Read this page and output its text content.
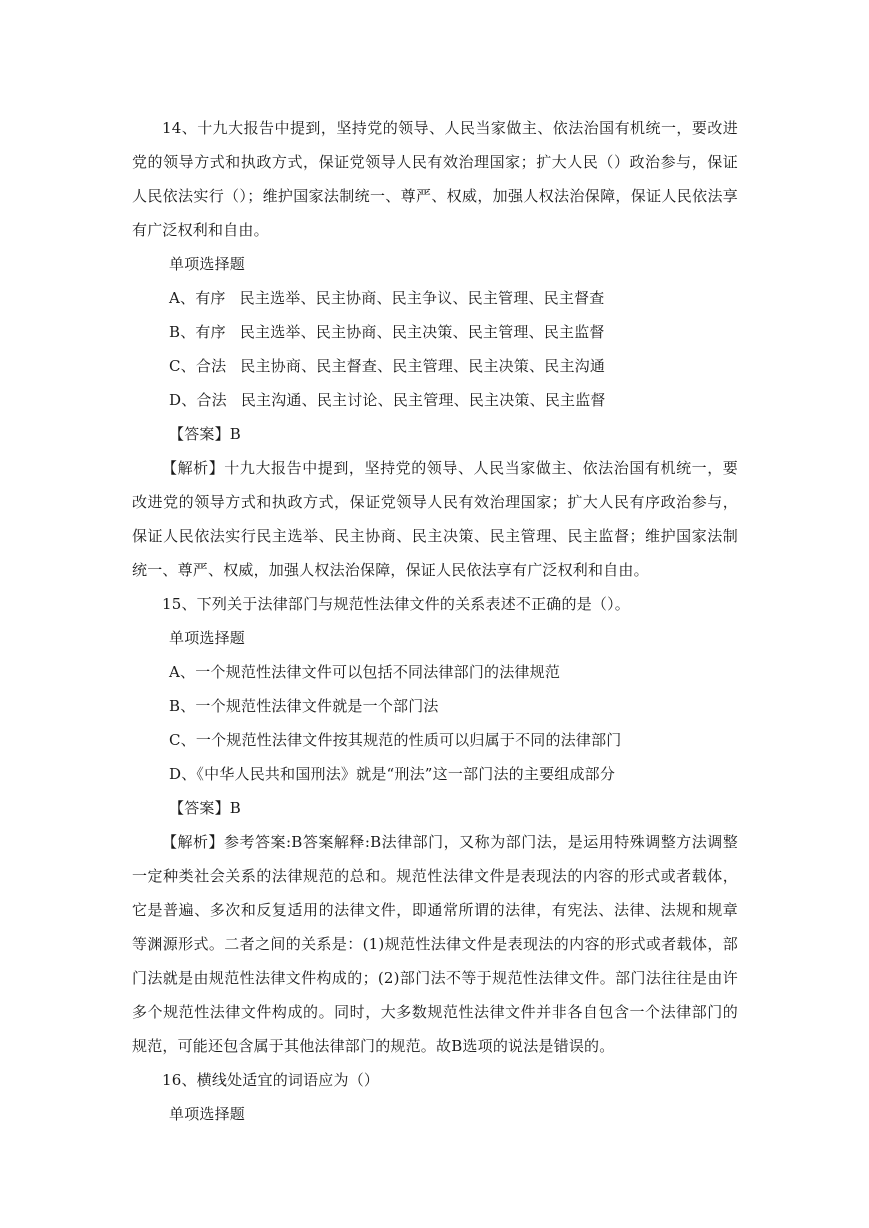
14、十九大报告中提到，坚持党的领导、人民当家做主、依法治国有机统一，要改进党的领导方式和执政方式，保证党领导人民有效治理国家；扩大人民（）政治参与，保证人民依法实行（）；维护国家法制统一、尊严、权威，加强人权法治保障，保证人民依法享有广泛权利和自由。

单项选择题

A、有序 民主选举、民主协商、民主争议、民主管理、民主督查

B、有序 民主选举、民主协商、民主决策、民主管理、民主监督

C、合法 民主协商、民主督查、民主管理、民主决策、民主沟通

D、合法 民主沟通、民主讨论、民主管理、民主决策、民主监督

【答案】B

【解析】十九大报告中提到，坚持党的领导、人民当家做主、依法治国有机统一，要改进党的领导方式和执政方式，保证党领导人民有效治理国家；扩大人民有序政治参与，保证人民依法实行民主选举、民主协商、民主决策、民主管理、民主监督；维护国家法制统一、尊严、权威，加强人权法治保障，保证人民依法享有广泛权利和自由。

15、下列关于法律部门与规范性法律文件的关系表述不正确的是（）。

单项选择题

A、一个规范性法律文件可以包括不同法律部门的法律规范

B、一个规范性法律文件就是一个部门法

C、一个规范性法律文件按其规范的性质可以归属于不同的法律部门

D、《中华人民共和国刑法》就是“刑法”这一部门法的主要组成部分

【答案】B

【解析】参考答案:B答案解释:B法律部门，又称为部门法，是运用特殊调整方法调整一定种类社会关系的法律规范的总和。规范性法律文件是表现法的内容的形式或者载体，它是普遍、多次和反复适用的法律文件，即通常所谓的法律，有宪法、法律、法规和规章等渊源形式。二者之间的关系是：(1)规范性法律文件是表现法的内容的形式或者载体，部门法就是由规范性法律文件构成的；(2)部门法不等于规范性法律文件。部门法往往是由许多个规范性法律文件构成的。同时，大多数规范性法律文件并非各自包含一个法律部门的规范，可能还包含属于其他法律部门的规范。故B选项的说法是错误的。

16、横线处适宜的词语应为（）

单项选择题
